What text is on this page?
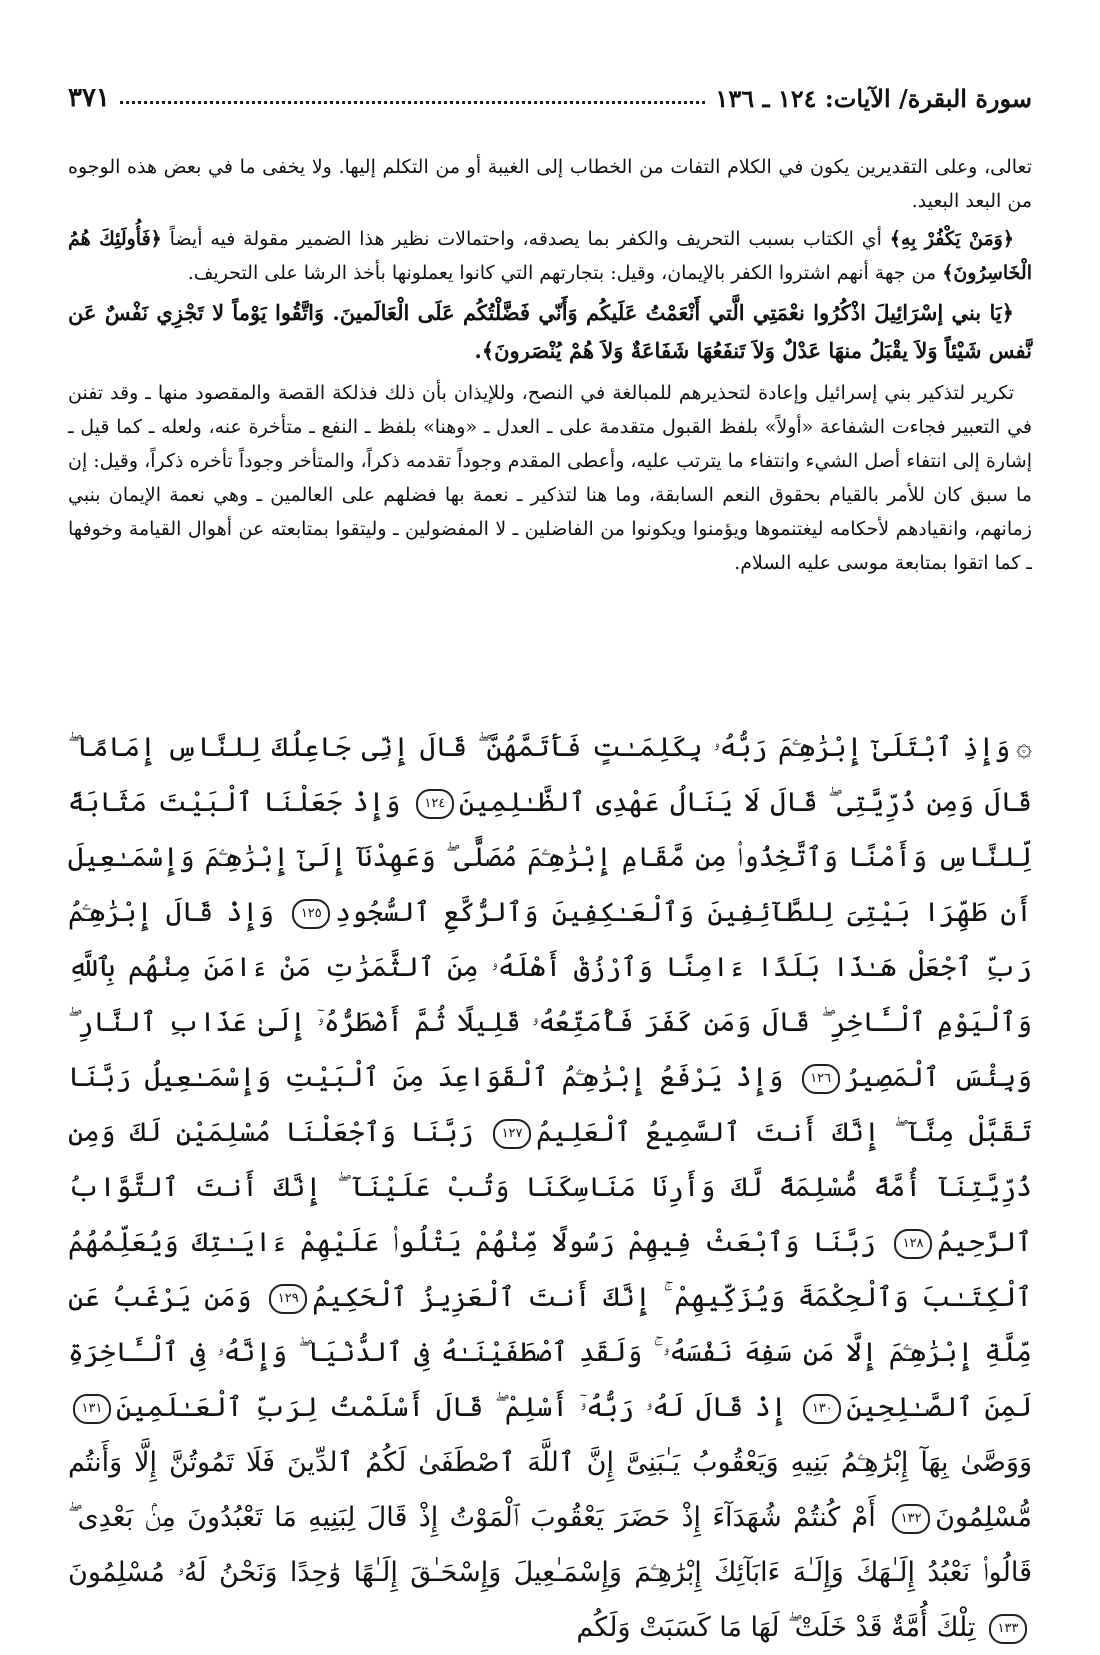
سورة البقرة/ الآيات: ١٢٤ ـ ١٣٦
٣٧١

تعالى، وعلى التقديرين يكون في الكلام التفات من الخطاب إلى الغيبة أو من التكلم إليها. ولا يخفى ما في بعض هذه الوجوه من البعد البعيد.

﴿وَمَنْ يَكْفُرْ بِهِ﴾ أي الكتاب بسبب التحريف والكفر بما يصدقه، واحتمالات نظير هذا الضمير مقولة فيه أيضاً ﴿فَأُولَئِكَ هُمُ الْخَاسِرُونَ﴾ من جهة أنهم اشتروا الكفر بالإيمان، وقيل: بتجارتهم التي كانوا يعملونها بأخذ الرشا على التحريف.

﴿يَا بني إسْرَائِيلَ اذْكُرُوا نعْمَتِي الَّتي أَنْعَمْتُ عَلَيكُم وَأَنّي فَضَّلْتُكُم عَلَى الْعَالَمينَ. وَاتَّقُوا يَوْماً لا تَجْزِي نَفْسٌ عَن نَّفس شَيْئاً وَلاَ يقْبَلُ منهَا عَدْلٌ وَلاَ تَنفَعُهَا شَفَاعَةٌ وَلاَ هُمْ يُنْصَرونَ﴾.

تكرير لتذكير بني إسرائيل وإعادة لتحذيرهم للمبالغة في النصح، وللإيذان بأن ذلك فذلكة القصة والمقصود منها ـ وقد تفنن في التعبير فجاءت الشفاعة «أولاً» بلفظ القبول متقدمة على ـ العدل ـ «وهنا» بلفظ ـ النفع ـ متأخرة عنه، ولعله ـ كما قيل ـ إشارة إلى انتفاء أصل الشيء وانتفاء ما يترتب عليه، وأعطى المقدم وجوداً تقدمه ذكراً، والمتأخر وجوداً تأخره ذكراً، وقيل: إن ما سبق كان للأمر بالقيام بحقوق النعم السابقة، وما هنا لتذكير ـ نعمة بها فضلهم على العالمين ـ وهي نعمة الإيمان بنبي زمانهم، وانقيادهم لأحكامه ليغتنموها ويؤمنوا ويكونوا من الفاضلين ـ لا المفضولين ـ وليتقوا بمتابعته عن أهوال القيامة وخوفها ـ كما اتقوا بمتابعة موسى عليه السلام.

۞وَإِذِ ٱبْتَلَىٰٓ إِبْرَٰهِـۧمَ رَبُّهُۥ بِكَلِمَـٰتٍ فَأَتَمَّهُنَّ ۖ قَالَ إِنِّى جَاعِلُكَ لِلنَّاسِ إِمَامًا ۖ قَالَ وَمِن ذُرِّيَّتِى ۖ قَالَ لَا يَنَالُ عَهْدِى ٱلظَّـٰلِمِينَ١٢٤ وَإِذْ جَعَلْنَا ٱلْبَيْتَ مَثَابَةً لِّلنَّاسِ وَأَمْنًا وَٱتَّخِذُوا۟ مِن مَّقَامِ إِبْرَٰهِـۧمَ مُصَلًّى ۖ وَعَهِدْنَآ إِلَىٰٓ إِبْرَٰهِـۧمَ وَإِسْمَـٰعِيلَ أَن طَهِّرَا بَيْتِىَ لِلطَّآئِفِينَ وَٱلْعَـٰكِفِينَ وَٱلرُّكَّعِ ٱلسُّجُودِ١٢٥ وَإِذْ قَالَ إِبْرَٰهِـۧمُ رَبِّ ٱجْعَلْ هَـٰذَا بَلَدًا ءَامِنًا وَٱرْزُقْ أَهْلَهُۥ مِنَ ٱلثَّمَرَٰتِ مَنْ ءَامَنَ مِنْهُم بِٱللَّهِ وَٱلْيَوْمِ ٱلْـَٔاخِرِ ۖ قَالَ وَمَن كَفَرَ فَأُمَتِّعُهُۥ قَلِيلًا ثُمَّ أَضْطَرُّهُۥٓ إِلَىٰ عَذَابِ ٱلنَّارِ ۖ وَبِئْسَ ٱلْمَصِيرُ١٢٦ وَإِذْ يَرْفَعُ إِبْرَٰهِـۧمُ ٱلْقَوَاعِدَ مِنَ ٱلْبَيْتِ وَإِسْمَـٰعِيلُ رَبَّنَا تَقَبَّلْ مِنَّآ ۖ إِنَّكَ أَنتَ ٱلسَّمِيعُ ٱلْعَلِيمُ١٢٧ رَبَّنَا وَٱجْعَلْنَا مُسْلِمَيْنِ لَكَ وَمِن ذُرِّيَّتِنَآ أُمَّةً مُّسْلِمَةً لَّكَ وَأَرِنَا مَنَاسِكَنَا وَتُبْ عَلَيْنَآ ۖ إِنَّكَ أَنتَ ٱلتَّوَّابُ ٱلرَّحِيمُ١٢٨ رَبَّنَا وَٱبْعَثْ فِيهِمْ رَسُولًا مِّنْهُمْ يَتْلُوا۟ عَلَيْهِمْ ءَايَـٰتِكَ وَيُعَلِّمُهُمُ ٱلْكِتَـٰبَ وَٱلْحِكْمَةَ وَيُزَكِّيهِمْ ۚ إِنَّكَ أَنتَ ٱلْعَزِيزُ ٱلْحَكِيمُ١٢٩ وَمَن يَرْغَبُ عَن مِّلَّةِ إِبْرَٰهِـۧمَ إِلَّا مَن سَفِهَ نَفْسَهُۥ ۚ وَلَقَدِ ٱصْطَفَيْنَـٰهُ فِى ٱلدُّنْيَا ۖ وَإِنَّهُۥ فِى ٱلْـَٔاخِرَةِ لَمِنَ ٱلصَّـٰلِحِينَ١٣٠ إِذْ قَالَ لَهُۥ رَبُّهُۥٓ أَسْلِمْ ۖ قَالَ أَسْلَمْتُ لِرَبِّ ٱلْعَـٰلَمِينَ١٣١ وَوَصَّىٰ بِهَآ إِبْرَٰهِـۧمُ بَنِيهِ وَيَعْقُوبُ يَـٰبَنِىَّ إِنَّ ٱللَّهَ ٱصْطَفَىٰ لَكُمُ ٱلدِّينَ فَلَا تَمُوتُنَّ إِلَّا وَأَنتُم مُّسْلِمُونَ١٣٢ أَمْ كُنتُمْ شُهَدَآءَ إِذْ حَضَرَ يَعْقُوبَ ٱلْمَوْتُ إِذْ قَالَ لِبَنِيهِ مَا تَعْبُدُونَ مِنۢ بَعْدِى ۖ قَالُوا۟ نَعْبُدُ إِلَـٰهَكَ وَإِلَـٰهَ ءَابَآئِكَ إِبْرَٰهِـۧمَ وَإِسْمَـٰعِيلَ وَإِسْحَـٰقَ إِلَـٰهًا وَٰحِدًا وَنَحْنُ لَهُۥ مُسْلِمُونَ١٣٣ تِلْكَ أُمَّةٌ قَدْ خَلَتْ ۖ لَهَا مَا كَسَبَتْ وَلَكُم
